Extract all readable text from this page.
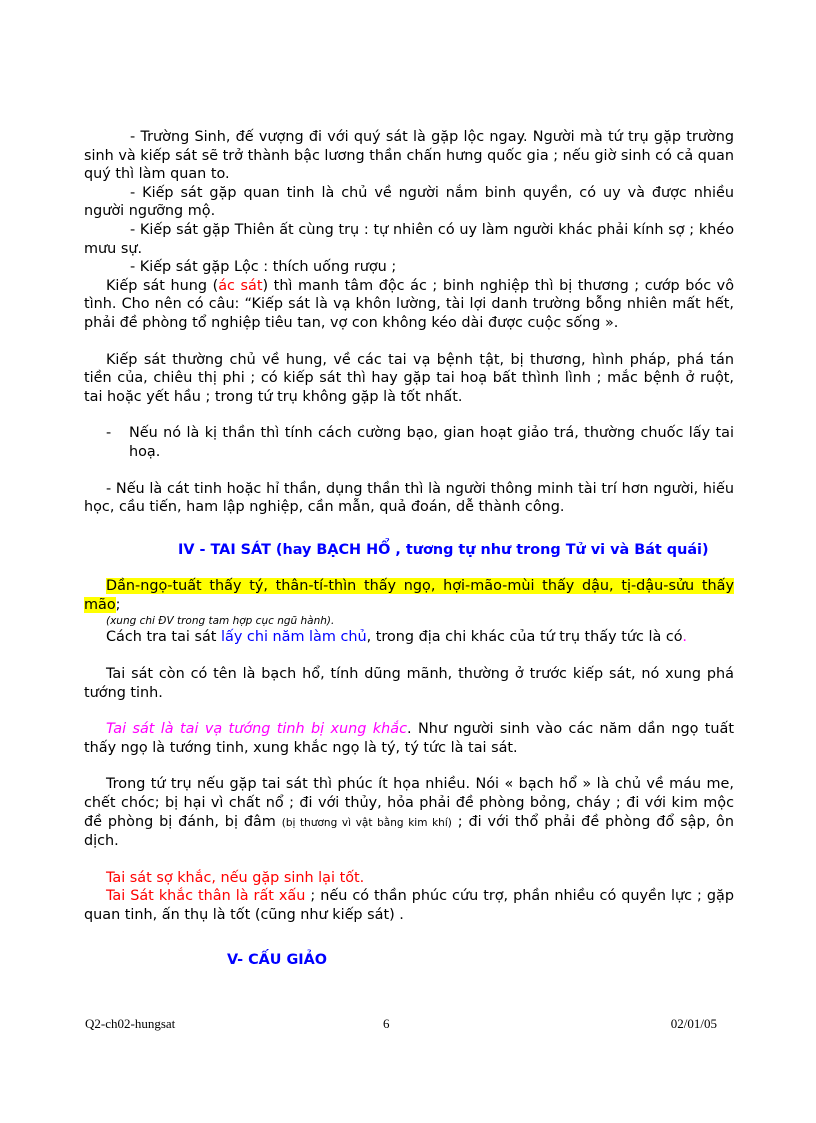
- Trường Sinh, đế vượng đi với quý sát là gặp lộc ngay. Người mà tứ trụ gặp trường sinh và kiếp sát sẽ trở thành bậc lương thần chấn hưng quốc gia ; nếu giờ sinh có cả quan quý thì làm quan to.

- Kiếp sát gặp quan tinh là chủ về người nắm binh quyền, có uy và được nhiều người ngưỡng mộ.

- Kiếp sát gặp Thiên ất cùng trụ : tự nhiên có uy làm người khác phải kính sợ ; khéo mưu sự.

- Kiếp sát gặp Lộc : thích uống rượu ;

Kiếp sát hung (ác sát) thì manh tâm độc ác ; binh nghiệp thì bị thương ; cướp bóc vô tình. Cho nên có câu: “Kiếp sát là vạ khôn lường, tài lợi danh trường bỗng nhiên mất hết, phải đề phòng tổ nghiệp tiêu tan, vợ con không kéo dài được cuộc sống ».

Kiếp sát thường chủ về hung, về các tai vạ bệnh tật, bị thương, hình pháp, phá tán tiền của, chiêu thị phi ; có kiếp sát thì hay gặp tai hoạ bất thình lình ; mắc bệnh ở ruột, tai hoặc yết hầu ; trong tứ trụ không gặp là tốt nhất.

-	Nếu nó là kị thần thì tính cách cường bạo, gian hoạt giảo trá, thường chuốc lấy tai hoạ.

- Nếu là cát tinh hoặc hỉ thần, dụng thần thì là người thông minh tài trí hơn người, hiếu học, cầu tiến, ham lập nghiệp, cần mẫn, quả đoán, dễ thành công.

IV - TAI SÁT (hay BẠCH HỔ , tương tự như trong Tử vi và Bát quái)

Dần-ngọ-tuất thấy tý, thân-tí-thìn thấy ngọ, hợi-mão-mùi thấy dậu, tị-dậu-sửu thấy mão;

(xung chi ĐV trong tam hợp cục ngũ hành).

Cách tra tai sát lấy chi năm làm chủ, trong địa chi khác của tứ trụ thấy tức là có.

Tai sát còn có tên là bạch hổ, tính dũng mãnh, thường ở trước kiếp sát, nó xung phá tướng tinh.

Tai sát là tai vạ tướng tinh bị xung khắc. Như người sinh vào các năm dần ngọ tuất thấy ngọ là tướng tinh, xung khắc ngọ là tý, tý tức là tai sát.

Trong tứ trụ nếu gặp tai sát thì phúc ít họa nhiều. Nói « bạch hổ » là chủ về máu me, chết chóc; bị hại vì chất nổ ; đi với thủy, hỏa phải đề phòng bỏng, cháy ; đi với kim mộc đề phòng bị đánh, bị đâm (bị thương vì vật bằng kim khí) ; đi với thổ phải đề phòng đổ sập, ôn dịch.

Tai sát sợ khắc, nếu gặp sinh lại tốt.

Tai Sát khắc thân là rất xấu ; nếu có thần phúc cứu trợ, phần nhiều có quyền lực ; gặp quan tinh, ấn thụ là tốt (cũng như kiếp sát) .

V- CẤU GIẢO

Q2-ch02-hungsat	6	02/01/05
